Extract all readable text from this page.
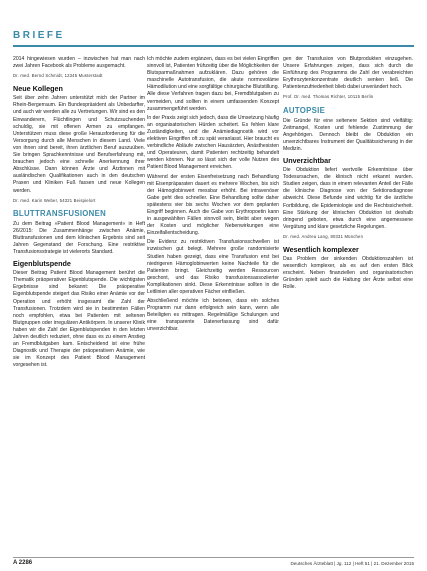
BRIEFE

2014 hingewiesen wurden – inzwischen hat man nach zwei Jahren Facebook als Probleme ausgemacht.

Dr. med. Bernd Schmidt, 12345 Musterstadt
Neue Kollegen

Seit über zehn Jahren unterstützt mich der Partner im Rhein-Bergerraum. Ein Bundespräsident als Unbedarfter, und auch wir werden alle zu Vertretungen. Wir sind es den Einwanderern, Flüchtlingen und Schutzsuchenden schuldig, sie mit offenen Armen zu empfangen. Unterstützen muss diese große Herausforderung für die Versorgung durch alle Menschen in diesem Land. Viele von ihnen sind bereit, ihren ärztlichen Beruf auszuüben. Sie bringen Sprachkenntnisse und Berufserfahrung mit, brauchen jedoch eine schnelle Anerkennung ihrer Abschlüsse. Dann können Ärzte und Ärztinnen mit ausländischen Qualifikationen auch in den deutschen Praxen und Kliniken Fuß fassen und neue Kollegen werden.

Dr. med. Karin Weber, 54321 Beispielort
BLUTTRANSFUSIONEN

Zu dem Beitrag »Patient Blood Management« in Heft 26/2015: Die Zusammenhänge zwischen Anämie, Bluttransfusionen und dem klinischen Ergebnis sind seit Jahren Gegenstand der Forschung. Eine restriktive Transfusionsstrategie ist vielerorts Standard.

Eigenblutspende

Dieser Beitrag Patient Blood Management berührt die Thematik präoperativer Eigenblutspende. Die wichtigsten Ergebnisse sind bekannt: Die präoperative Eigenblutspende steigert das Risiko einer Anämie vor der Operation und erhöht insgesamt die Zahl der Transfusionen. Trotzdem wird sie in bestimmten Fällen noch empfohlen, etwa bei Patienten mit seltenen Blutgruppen oder irregulären Antikörpern. In unserer Klinik haben wir die Zahl der Eigenblutspenden in den letzten Jahren deutlich reduziert, ohne dass es zu einem Anstieg an Fremdblutgaben kam. Entscheidend ist eine frühe Diagnostik und Therapie der präoperativen Anämie, wie sie im Konzept des Patient Blood Management vorgesehen ist.

Ich möchte zudem ergänzen, dass es bei vielen Eingriffen sinnvoll ist, Patienten frühzeitig über die Möglichkeiten der Blutsparmaßnahmen aufzuklären. Dazu gehören die maschinelle Autotransfusion, die akute normovoläme Hämodilution und eine sorgfältige chirurgische Blutstillung. Alle diese Verfahren tragen dazu bei, Fremdblutgaben zu vermeiden, und sollten in einem umfassenden Konzept zusammengeführt werden.

In der Praxis zeigt sich jedoch, dass die Umsetzung häufig an organisatorischen Hürden scheitert. Es fehlen klare Zuständigkeiten, und die Anämiediagnostik wird vor elektiven Eingriffen oft zu spät veranlasst. Hier braucht es verbindliche Abläufe zwischen Hausärzten, Anästhesisten und Operateuren, damit Patienten rechtzeitig behandelt werden können. Nur so lässt sich der volle Nutzen des Patient Blood Management erreichen.

Während der ersten Eisenfreisetzung nach Behandlung mit Eisenpräparaten dauert es mehrere Wochen, bis sich der Hämoglobinwert messbar erhöht. Bei intravenöser Gabe geht dies schneller. Eine Behandlung sollte daher spätestens vier bis sechs Wochen vor dem geplanten Eingriff beginnen. Auch die Gabe von Erythropoetin kann in ausgewählten Fällen sinnvoll sein, bleibt aber wegen der Kosten und möglicher Nebenwirkungen eine Einzelfallentscheidung.

Die Evidenz zu restriktiven Transfusionsschwellen ist inzwischen gut belegt. Mehrere große randomisierte Studien haben gezeigt, dass eine Transfusion erst bei niedrigeren Hämoglobinwerten keine Nachteile für die Patienten bringt. Gleichzeitig werden Ressourcen geschont, und das Risiko transfusionsassoziierter Komplikationen sinkt. Diese Erkenntnisse sollten in die Leitlinien aller operativen Fächer einfließen.

Abschließend möchte ich betonen, dass ein solches Programm nur dann erfolgreich sein kann, wenn alle Beteiligten es mittragen. Regelmäßige Schulungen und eine transparente Datenerfassung sind dafür unverzichtbar.

gen der Transfusion von Blutprodukten einzugehen. Unsere Erfahrungen zeigen, dass sich durch die Einführung des Programms die Zahl der verabreichten Erythrozytenkonzentrate deutlich senken ließ. Die Patientenzufriedenheit blieb dabei unverändert hoch.

Prof. Dr. med. Thomas Richter, 10115 Berlin
AUTOPSIE

Die Gründe für eine seltenere Sektion sind vielfältig: Zeitmangel, Kosten und fehlende Zustimmung der Angehörigen. Dennoch bleibt die Obduktion ein unverzichtbares Instrument der Qualitätssicherung in der Medizin.

Unverzichtbar

Die Obduktion liefert wertvolle Erkenntnisse über Todesursachen, die klinisch nicht erkannt wurden. Studien zeigen, dass in einem relevanten Anteil der Fälle die klinische Diagnose von der Sektionsdiagnose abweicht. Diese Befunde sind wichtig für die ärztliche Fortbildung, die Epidemiologie und die Rechtssicherheit. Eine Stärkung der klinischen Obduktion ist deshalb dringend geboten, etwa durch eine angemessene Vergütung und klare gesetzliche Regelungen.

Dr. med. Andrea Lang, 80331 München
Wesentlich komplexer

Das Problem der sinkenden Obduktionszahlen ist wesentlich komplexer, als es auf den ersten Blick erscheint. Neben finanziellen und organisatorischen Gründen spielt auch die Haltung der Ärzte selbst eine Rolle.

A 2286	Deutsches Ärzteblatt | Jg. 112 | Heft 51 | 21. Dezember 2015
